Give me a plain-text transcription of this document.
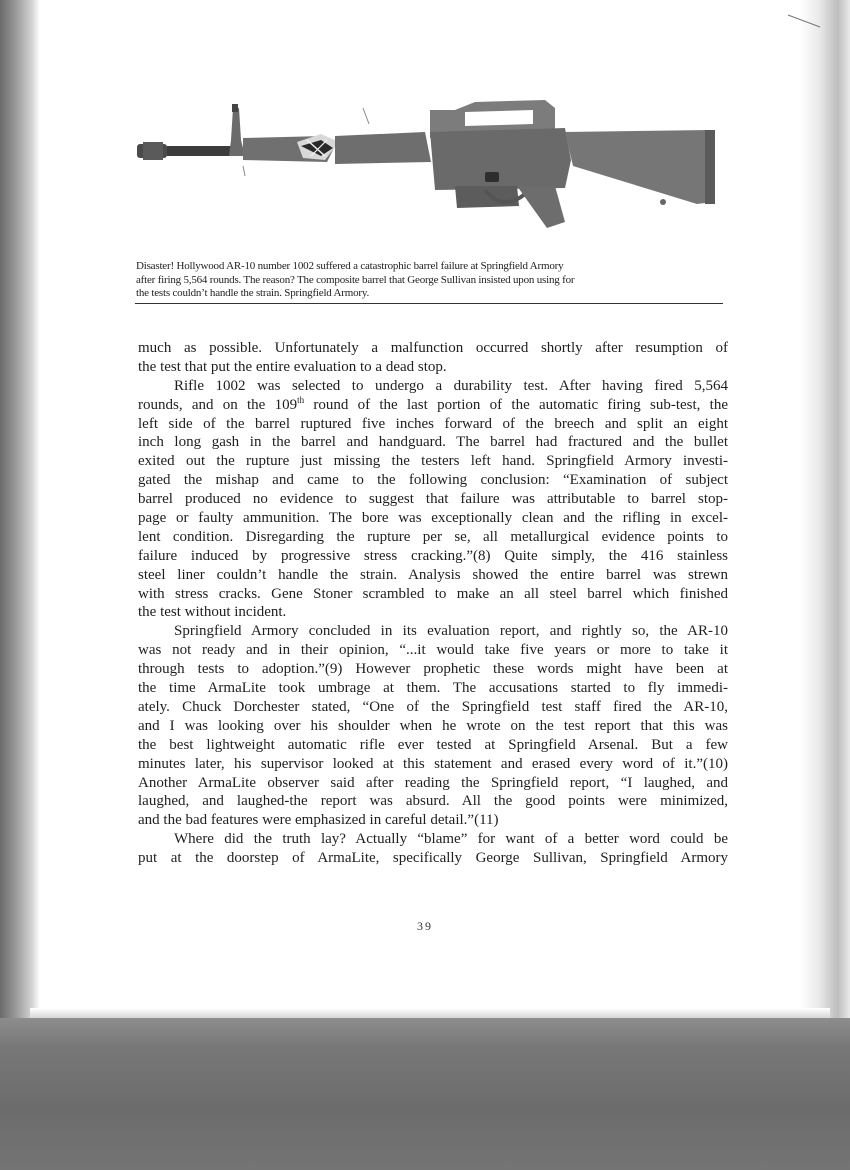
Disaster! Hollywood AR-10 number 1002 suffered a catastrophic barrel failure at Springfield Armory
after firing 5,564 rounds. The reason? The composite barrel that George Sullivan insisted upon using for
the tests couldn’t handle the strain. Springfield Armory.
much as possible. Unfortunately a malfunction occurred shortly after resumption of
the test that put the entire evaluation to a dead stop.
Rifle 1002 was selected to undergo a durability test. After having fired 5,564
rounds, and on the 109th round of the last portion of the automatic firing sub-test, the
left side of the barrel ruptured five inches forward of the breech and split an eight
inch long gash in the barrel and handguard. The barrel had fractured and the bullet
exited out the rupture just missing the testers left hand. Springfield Armory investi-
gated the mishap and came to the following conclusion: “Examination of subject
barrel produced no evidence to suggest that failure was attributable to barrel stop-
page or faulty ammunition. The bore was exceptionally clean and the rifling in excel-
lent condition. Disregarding the rupture per se, all metallurgical evidence points to
failure induced by progressive stress cracking.”(8) Quite simply, the 416 stainless
steel liner couldn’t handle the strain. Analysis showed the entire barrel was strewn
with stress cracks. Gene Stoner scrambled to make an all steel barrel which finished
the test without incident.
Springfield Armory concluded in its evaluation report, and rightly so, the AR-10
was not ready and in their opinion, “...it would take five years or more to take it
through tests to adoption.”(9) However prophetic these words might have been at
the time ArmaLite took umbrage at them. The accusations started to fly immedi-
ately. Chuck Dorchester stated, “One of the Springfield test staff fired the AR-10,
and I was looking over his shoulder when he wrote on the test report that this was
the best lightweight automatic rifle ever tested at Springfield Arsenal. But a few
minutes later, his supervisor looked at this statement and erased every word of it.”(10)
Another ArmaLite observer said after reading the Springfield report, “I laughed, and
laughed, and laughed-the report was absurd. All the good points were minimized,
and the bad features were emphasized in careful detail.”(11)
Where did the truth lay? Actually “blame” for want of a better word could be
put at the doorstep of ArmaLite, specifically George Sullivan, Springfield Armory
39
